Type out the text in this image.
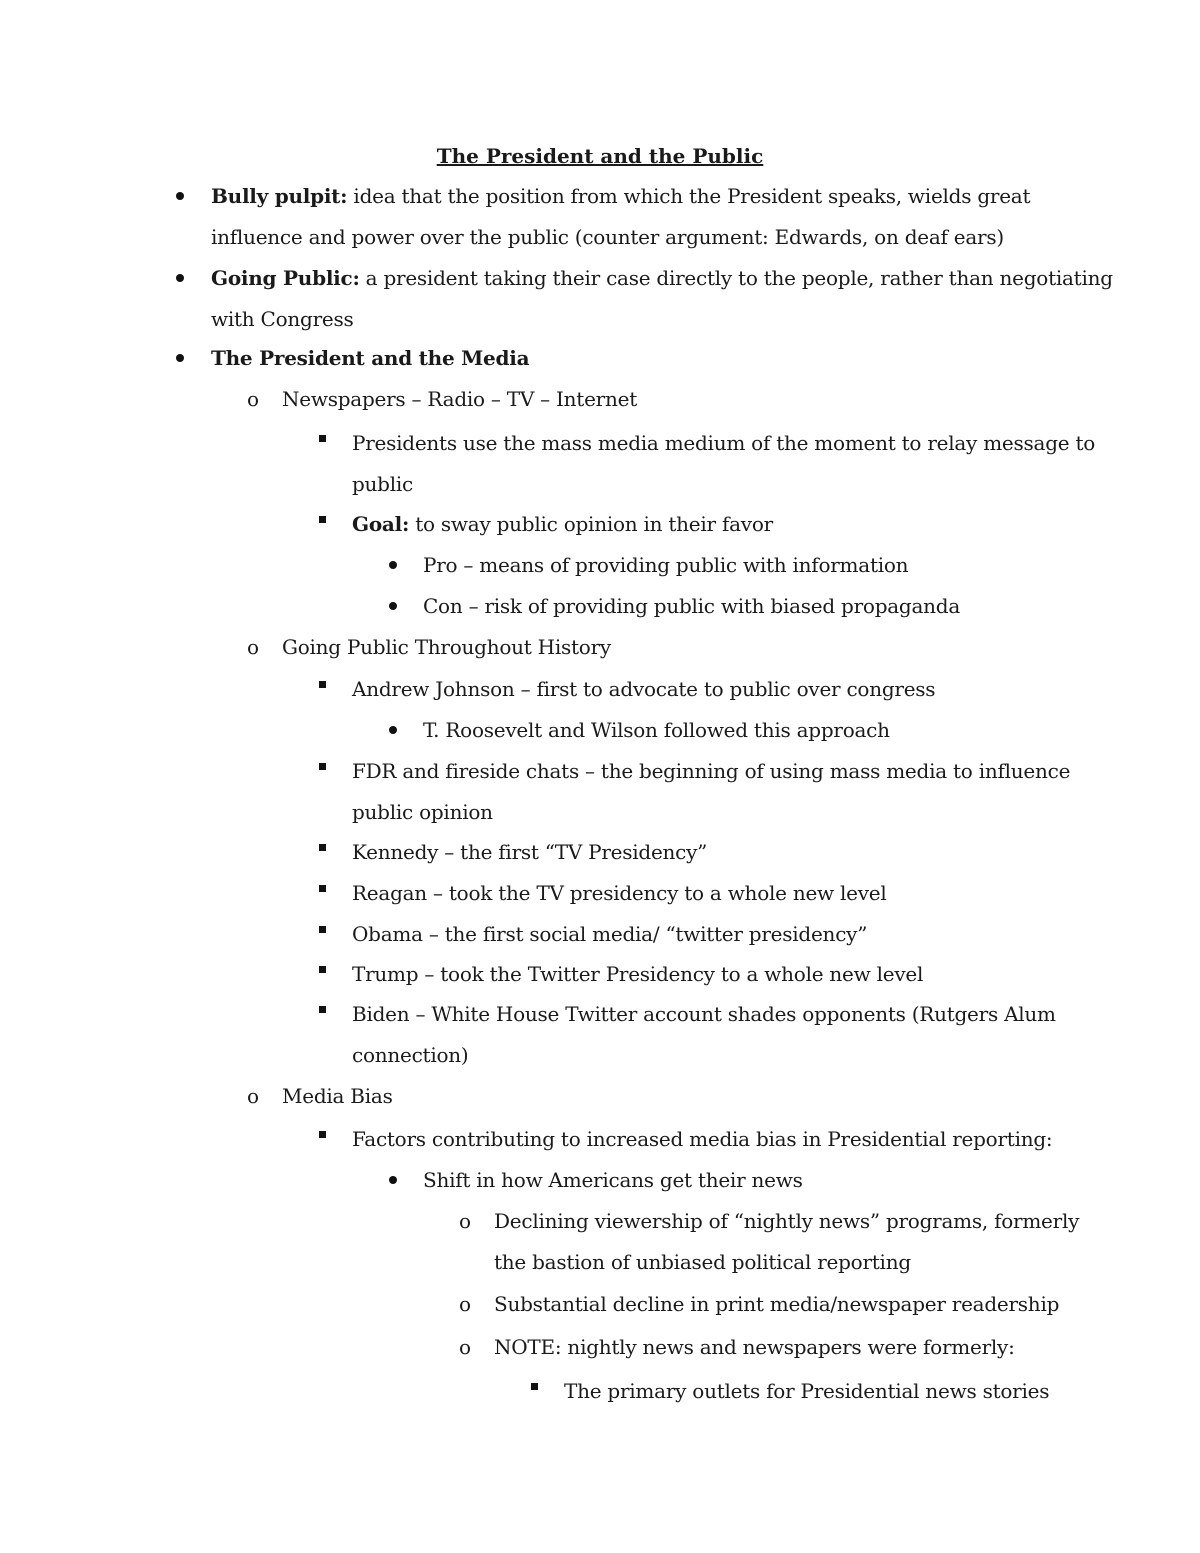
The President and the Public
Bully pulpit: idea that the position from which the President speaks, wields great
influence and power over the public (counter argument: Edwards, on deaf ears)
Going Public: a president taking their case directly to the people, rather than negotiating
with Congress
The President and the Media
o Newspapers – Radio – TV – Internet
Presidents use the mass media medium of the moment to relay message to
public
Goal: to sway public opinion in their favor
Pro – means of providing public with information
Con – risk of providing public with biased propaganda
o Going Public Throughout History
Andrew Johnson – first to advocate to public over congress
T. Roosevelt and Wilson followed this approach
FDR and fireside chats – the beginning of using mass media to influence
public opinion
Kennedy – the first “TV Presidency”
Reagan – took the TV presidency to a whole new level
Obama – the first social media/ “twitter presidency”
Trump – took the Twitter Presidency to a whole new level
Biden – White House Twitter account shades opponents (Rutgers Alum
connection)
o Media Bias
Factors contributing to increased media bias in Presidential reporting:
Shift in how Americans get their news
o Declining viewership of “nightly news” programs, formerly
the bastion of unbiased political reporting
o Substantial decline in print media/newspaper readership
o NOTE: nightly news and newspapers were formerly:
The primary outlets for Presidential news stories
